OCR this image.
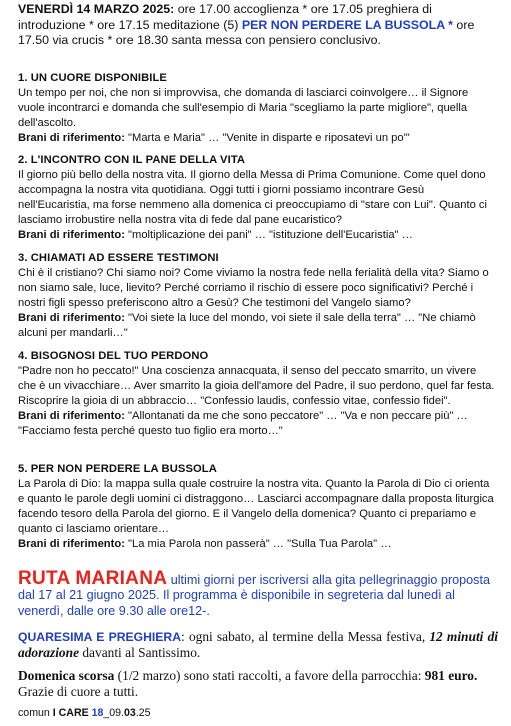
VENERDÌ 14 MARZO 2025: ore 17.00 accoglienza * ore 17.05 preghiera di introduzione * ore 17.15 meditazione (5) PER NON PERDERE LA BUSSOLA * ore 17.50 via crucis * ore 18.30 santa messa con pensiero conclusivo.

1. UN CUORE DISPONIBILE

Un tempo per noi, che non si improvvisa, che domanda di lasciarci coinvolgere… il Signore vuole incontrarci e domanda che sull'esempio di Maria "scegliamo la parte migliore", quella dell'ascolto.

Brani di riferimento: "Marta e Maria" … "Venite in disparte e riposatevi un po'"

2. L'INCONTRO CON IL PANE DELLA VITA

Il giorno più bello della nostra vita. Il giorno della Messa di Prima Comunione. Come quel dono accompagna la nostra vita quotidiana. Oggi tutti i giorni possiamo incontrare Gesù nell'Eucaristia, ma forse nemmeno alla domenica ci preoccupiamo di "stare con Lui". Quanto ci lasciamo irrobustire nella nostra vita di fede dal pane eucaristico?

Brani di riferimento: "moltiplicazione dei pani" … "istituzione dell'Eucaristia" …

3. CHIAMATI AD ESSERE TESTIMONI

Chi è il cristiano? Chi siamo noi? Come viviamo la nostra fede nella ferialità della vita? Siamo o non siamo sale, luce, lievito? Perché corriamo il rischio di essere poco significativi? Perché i nostri figli spesso preferiscono altro a Gesù? Che testimoni del Vangelo siamo?

Brani di riferimento: "Voi siete la luce del mondo, voi siete il sale della terra" … "Ne chiamò alcuni per mandarli…"

4. BISOGNOSI DEL TUO PERDONO

"Padre non ho peccato!" Una coscienza annacquata, il senso del peccato smarrito, un vivere che è un vivacchiare… Aver smarrito la gioia dell'amore del Padre, il suo perdono, quel far festa. Riscoprire la gioia di un abbraccio… "Confessio laudis, confessio vitae, confessio fidei".

Brani di riferimento: "Allontanati da me che sono peccatore" … "Va e non peccare più" … "Facciamo festa perché questo tuo figlio era morto…"

5. PER NON PERDERE LA BUSSOLA

La Parola di Dio: la mappa sulla quale costruire la nostra vita. Quanto la Parola di Dio ci orienta e quanto le parole degli uomini ci distraggono… Lasciarci accompagnare dalla proposta liturgica facendo tesoro della Parola del giorno. E il Vangelo della domenica? Quanto ci prepariamo e quanto ci lasciamo orientare…

Brani di riferimento: "La mia Parola non passerà" … "Sulla Tua Parola" …

RUTA MARIANA ultimi giorni per iscriversi alla gita pellegrinaggio proposta dal 17 al 21 giugno 2025. Il programma è disponibile in segreteria dal lunedì al venerdì, dalle ore 9.30 alle ore12-.

QUARESIMA E PREGHIERA: ogni sabato, al termine della Messa festiva, 12 minuti di adorazione davanti al Santissimo.

Domenica scorsa (1/2 marzo) sono stati raccolti, a favore della parrocchia: 981 euro. Grazie di cuore a tutti.

comun I CARE 18_09.03.25
